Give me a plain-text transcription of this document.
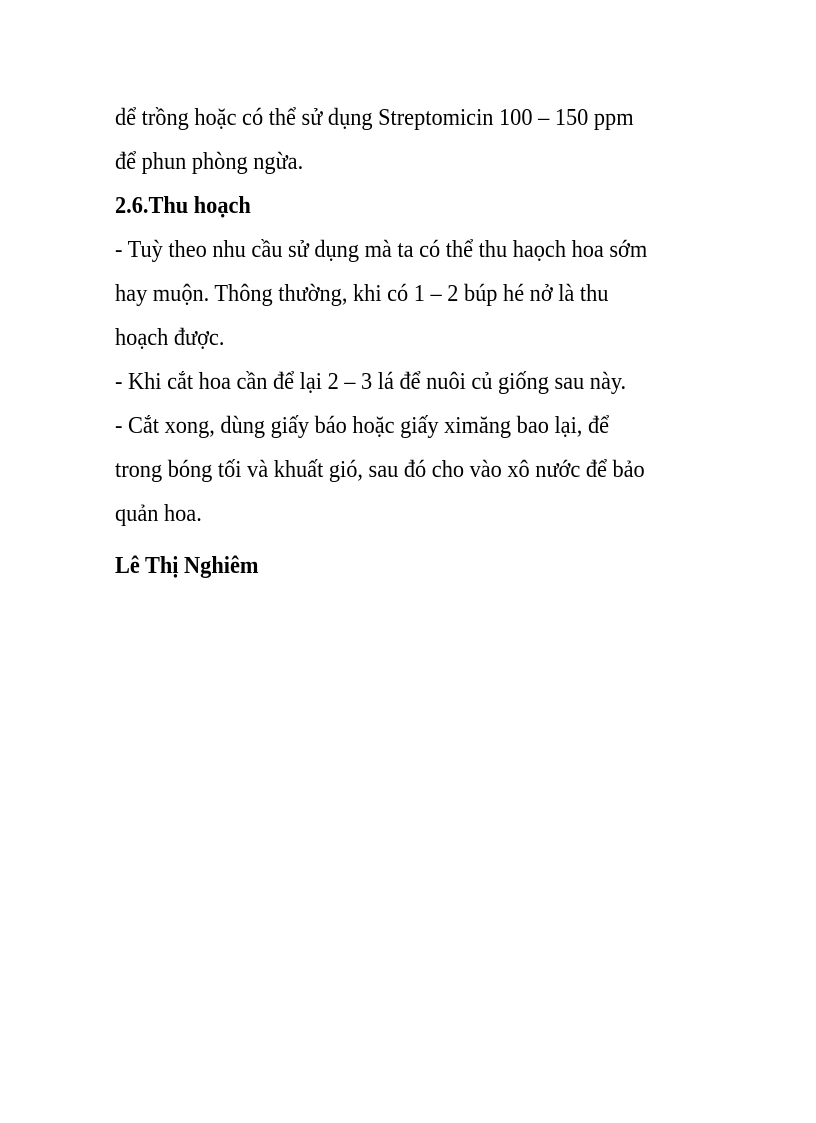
dể trồng hoặc có thể sử dụng Streptomicin 100 – 150 ppm
để phun phòng ngừa.
2.6.Thu hoạch
- Tuỳ theo nhu cầu sử dụng mà ta có thể thu haọch hoa sớm
hay muộn. Thông thường, khi có 1 – 2 búp hé nở là thu
hoạch được.
- Khi cắt hoa cần để lại 2 – 3 lá để nuôi củ giống sau này.
- Cắt xong, dùng giấy báo hoặc giấy ximăng bao lại, để
trong bóng tối và khuất gió, sau đó cho vào xô nước để bảo
quản hoa.
Lê Thị Nghiêm
